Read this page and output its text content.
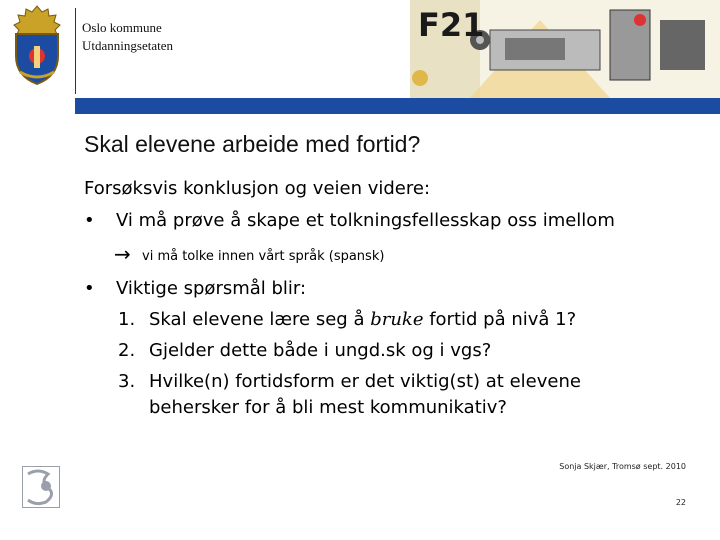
Oslo kommune
Utdanningsetaten
F21
Skal elevene arbeide med fortid?
Forsøksvis konklusjon og veien videre:
• Vi må prøve å skape et tolkningsfellesskap oss imellom
→ vi må tolke innen vårt språk (spansk)
• Viktige spørsmål blir:
1. Skal elevene lære seg å bruke fortid på nivå 1?
2. Gjelder dette både i ungd.sk og i vgs?
3. Hvilke(n) fortidsform er det viktig(st) at elevene
behersker for å bli mest kommunikativ?
Sonja Skjær, Tromsø sept. 2010
22
